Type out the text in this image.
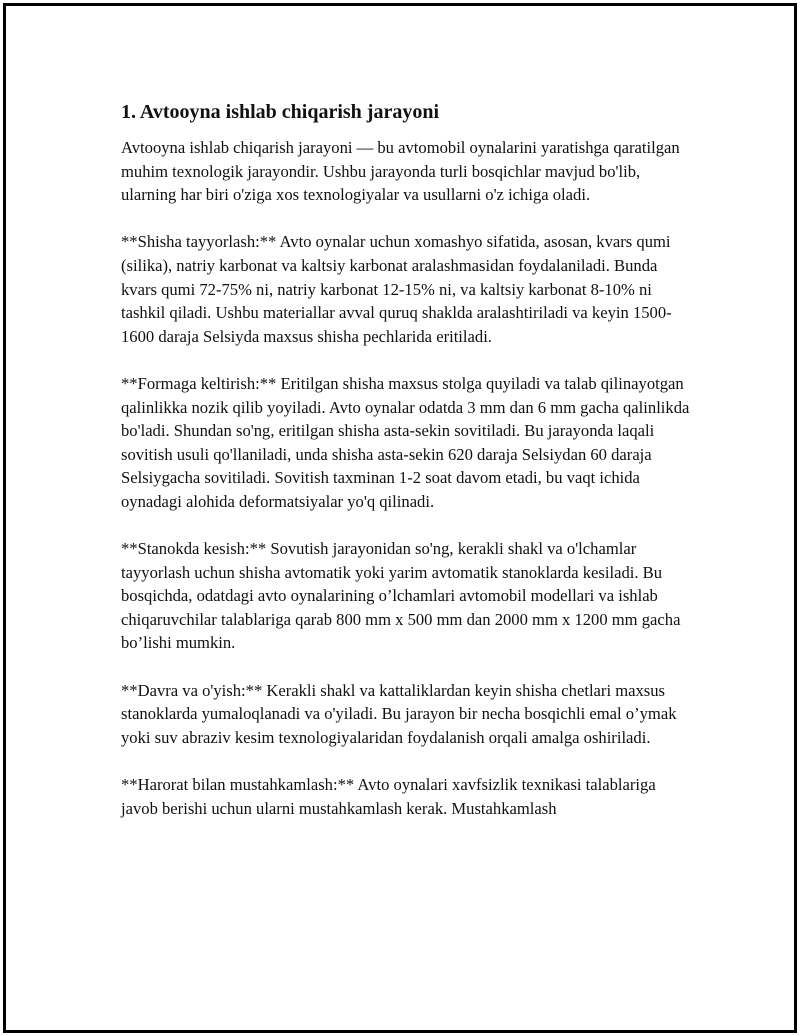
1. Avtooyna ishlab chiqarish jarayoni

Avtooyna ishlab chiqarish jarayoni — bu avtomobil oynalarini yaratishga qaratilgan muhim texnologik jarayondir. Ushbu jarayonda turli bosqichlar mavjud bo'lib, ularning har biri o'ziga xos texnologiyalar va usullarni o'z ichiga oladi.

**Shisha tayyorlash:** Avto oynalar uchun xomashyo sifatida, asosan, kvars qumi (silika), natriy karbonat va kaltsiy karbonat aralashmasidan foydalaniladi. Bunda kvars qumi 72-75% ni, natriy karbonat 12-15% ni, va kaltsiy karbonat 8-10% ni tashkil qiladi. Ushbu materiallar avval quruq shaklda aralashtiriladi va keyin 1500-1600 daraja Selsiyda maxsus shisha pechlarida eritiladi.

**Formaga keltirish:** Eritilgan shisha maxsus stolga quyiladi va talab qilinayotgan qalinlikka nozik qilib yoyiladi. Avto oynalar odatda 3 mm dan 6 mm gacha qalinlikda bo'ladi. Shundan so'ng, eritilgan shisha asta-sekin sovitiladi. Bu jarayonda laqali sovitish usuli qo'llaniladi, unda shisha asta-sekin 620 daraja Selsiydan 60 daraja Selsiygacha sovitiladi. Sovitish taxminan 1-2 soat davom etadi, bu vaqt ichida oynadagi alohida deformatsiyalar yo'q qilinadi.

**Stanokda kesish:** Sovutish jarayonidan so'ng, kerakli shakl va o'lchamlar tayyorlash uchun shisha avtomatik yoki yarim avtomatik stanoklarda kesiladi. Bu bosqichda, odatdagi avto oynalarining o’lchamlari avtomobil modellari va ishlab chiqaruvchilar talablariga qarab 800 mm x 500 mm dan 2000 mm x 1200 mm gacha bo’lishi mumkin.

**Davra va o'yish:** Kerakli shakl va kattaliklardan keyin shisha chetlari maxsus stanoklarda yumaloqlanadi va o'yiladi. Bu jarayon bir necha bosqichli emal o’ymak yoki suv abraziv kesim texnologiyalaridan foydalanish orqali amalga oshiriladi.

**Harorat bilan mustahkamlash:** Avto oynalari xavfsizlik texnikasi talablariga javob berishi uchun ularni mustahkamlash kerak. Mustahkamlash
